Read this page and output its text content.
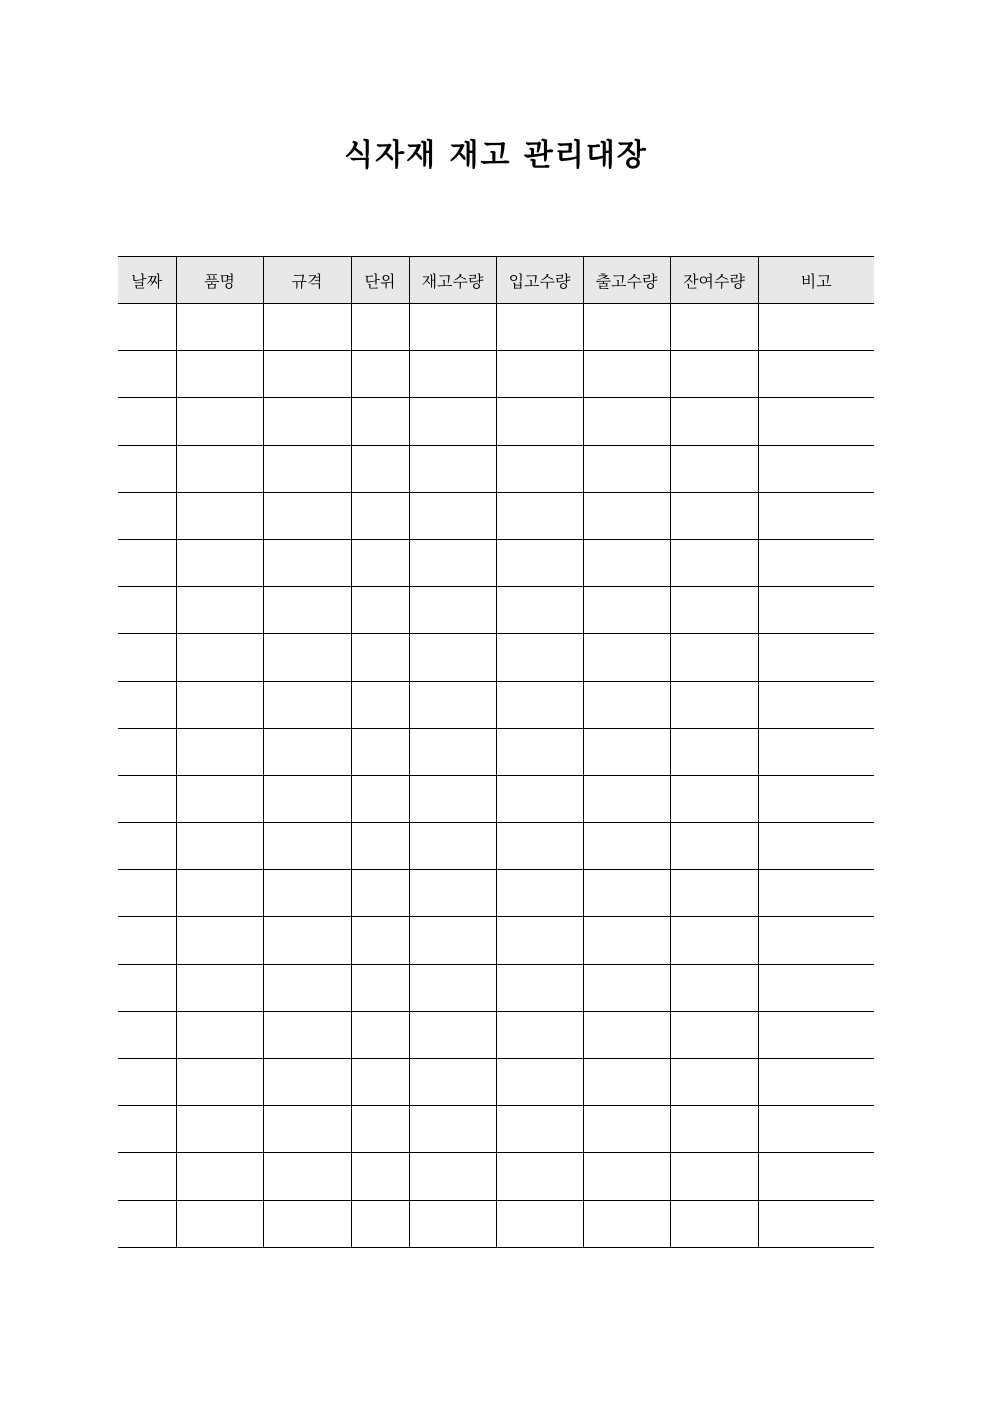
식자재 재고 관리대장
날짜	품명	규격	단위	재고수량	입고수량	출고수량	잔여수량	비고
